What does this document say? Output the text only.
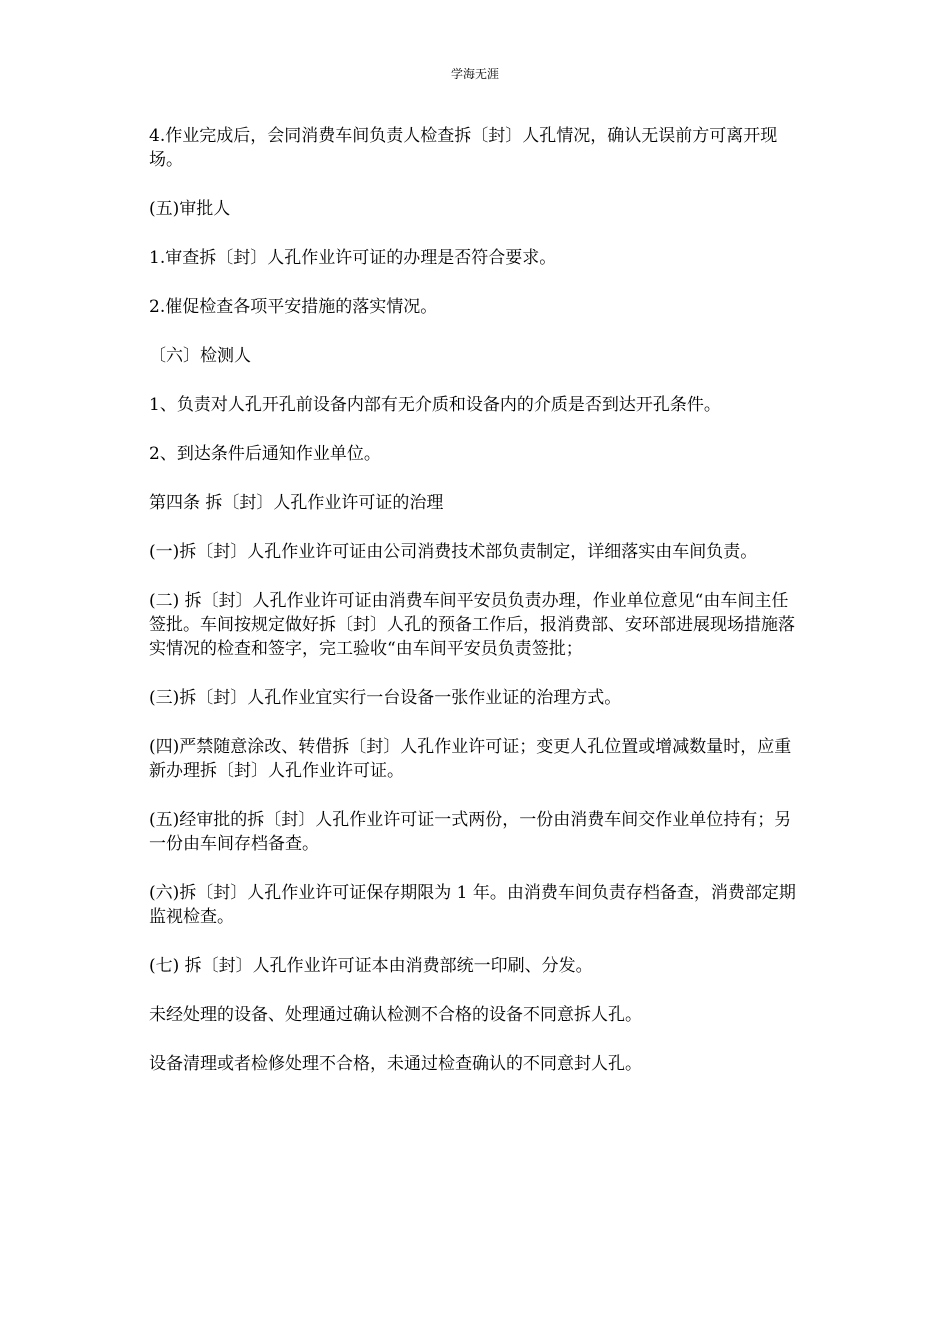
学海无涯

4.作业完成后，会同消费车间负责人检查拆〔封〕人孔情况，确认无误前方可离开现场。

(五)审批人

1.审查拆〔封〕人孔作业许可证的办理是否符合要求。

2.催促检查各项平安措施的落实情况。

〔六〕检测人

1、负责对人孔开孔前设备内部有无介质和设备内的介质是否到达开孔条件。

2、到达条件后通知作业单位。

第四条 拆〔封〕人孔作业许可证的治理

(一)拆〔封〕人孔作业许可证由公司消费技术部负责制定，详细落实由车间负责。

(二) 拆〔封〕人孔作业许可证由消费车间平安员负责办理，作业单位意见“由车间主任签批。车间按规定做好拆〔封〕人孔的预备工作后，报消费部、安环部进展现场措施落实情况的检查和签字，完工验收“由车间平安员负责签批；

(三)拆〔封〕人孔作业宜实行一台设备一张作业证的治理方式。

(四)严禁随意涂改、转借拆〔封〕人孔作业许可证；变更人孔位置或增减数量时，应重新办理拆〔封〕人孔作业许可证。

(五)经审批的拆〔封〕人孔作业许可证一式两份，一份由消费车间交作业单位持有；另一份由车间存档备查。

(六)拆〔封〕人孔作业许可证保存期限为 1 年。由消费车间负责存档备查，消费部定期监视检查。

(七) 拆〔封〕人孔作业许可证本由消费部统一印刷、分发。

未经处理的设备、处理通过确认检测不合格的设备不同意拆人孔。

设备清理或者检修处理不合格，未通过检查确认的不同意封人孔。
